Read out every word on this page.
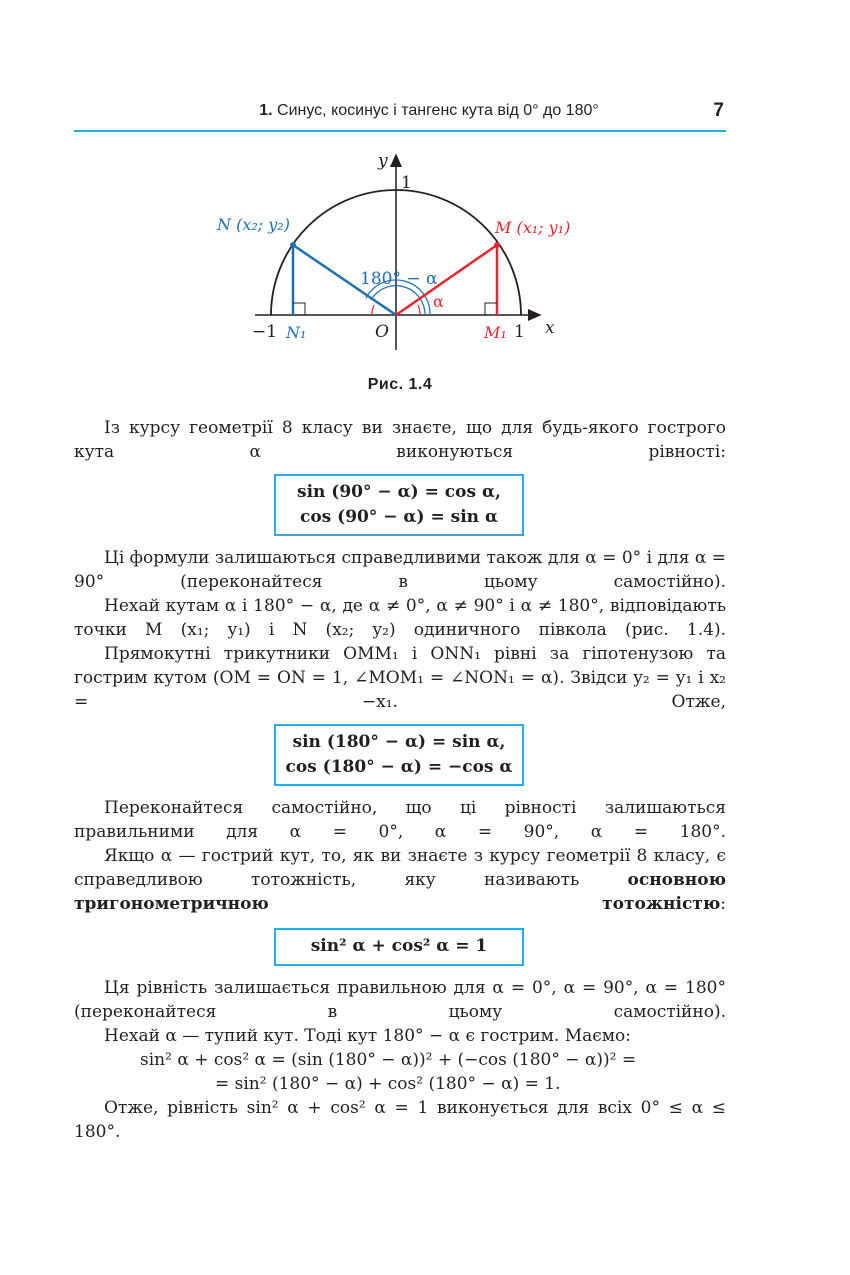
1. Синус, косинус і тангенс кута від 0° до 180°	7
y
1
N (x₂; y₂)	M (x₁; y₁)
180° − α
α
−1 N₁	O	M₁ 1 x
Рис. 1.4
Із курсу геометрії 8 класу ви знаєте, що для будь-якого гострого кута α виконуються рівності:
sin (90° − α) = cos α,
cos (90° − α) = sin α
Ці формули залишаються справедливими також для α = 0° і для α = 90° (переконайтеся в цьому самостійно).
Нехай кутам α і 180° − α, де α ≠ 0°, α ≠ 90° і α ≠ 180°, відповідають точки M (x₁; y₁) і N (x₂; y₂) одиничного півкола (рис. 1.4).
Прямокутні трикутники OMM₁ і ONN₁ рівні за гіпотенузою та гострим кутом (OM = ON = 1, ∠MOM₁ = ∠NON₁ = α). Звідси y₂ = y₁ і x₂ = −x₁. Отже,
sin (180° − α) = sin α,
cos (180° − α) = −cos α
Переконайтеся самостійно, що ці рівності залишаються правильними для α = 0°, α = 90°, α = 180°.
Якщо α — гострий кут, то, як ви знаєте з курсу геометрії 8 класу, є справедливою тотожність, яку називають основною тригонометричною тотожністю:
sin² α + cos² α = 1
Ця рівність залишається правильною для α = 0°, α = 90°, α = 180° (переконайтеся в цьому самостійно).
Нехай α — тупий кут. Тоді кут 180° − α є гострим. Маємо:
sin² α + cos² α = (sin (180° − α))² + (−cos (180° − α))² =
= sin² (180° − α) + cos² (180° − α) = 1.
Отже, рівність sin² α + cos² α = 1 виконується для всіх 0° ≤ α ≤ 180°.
